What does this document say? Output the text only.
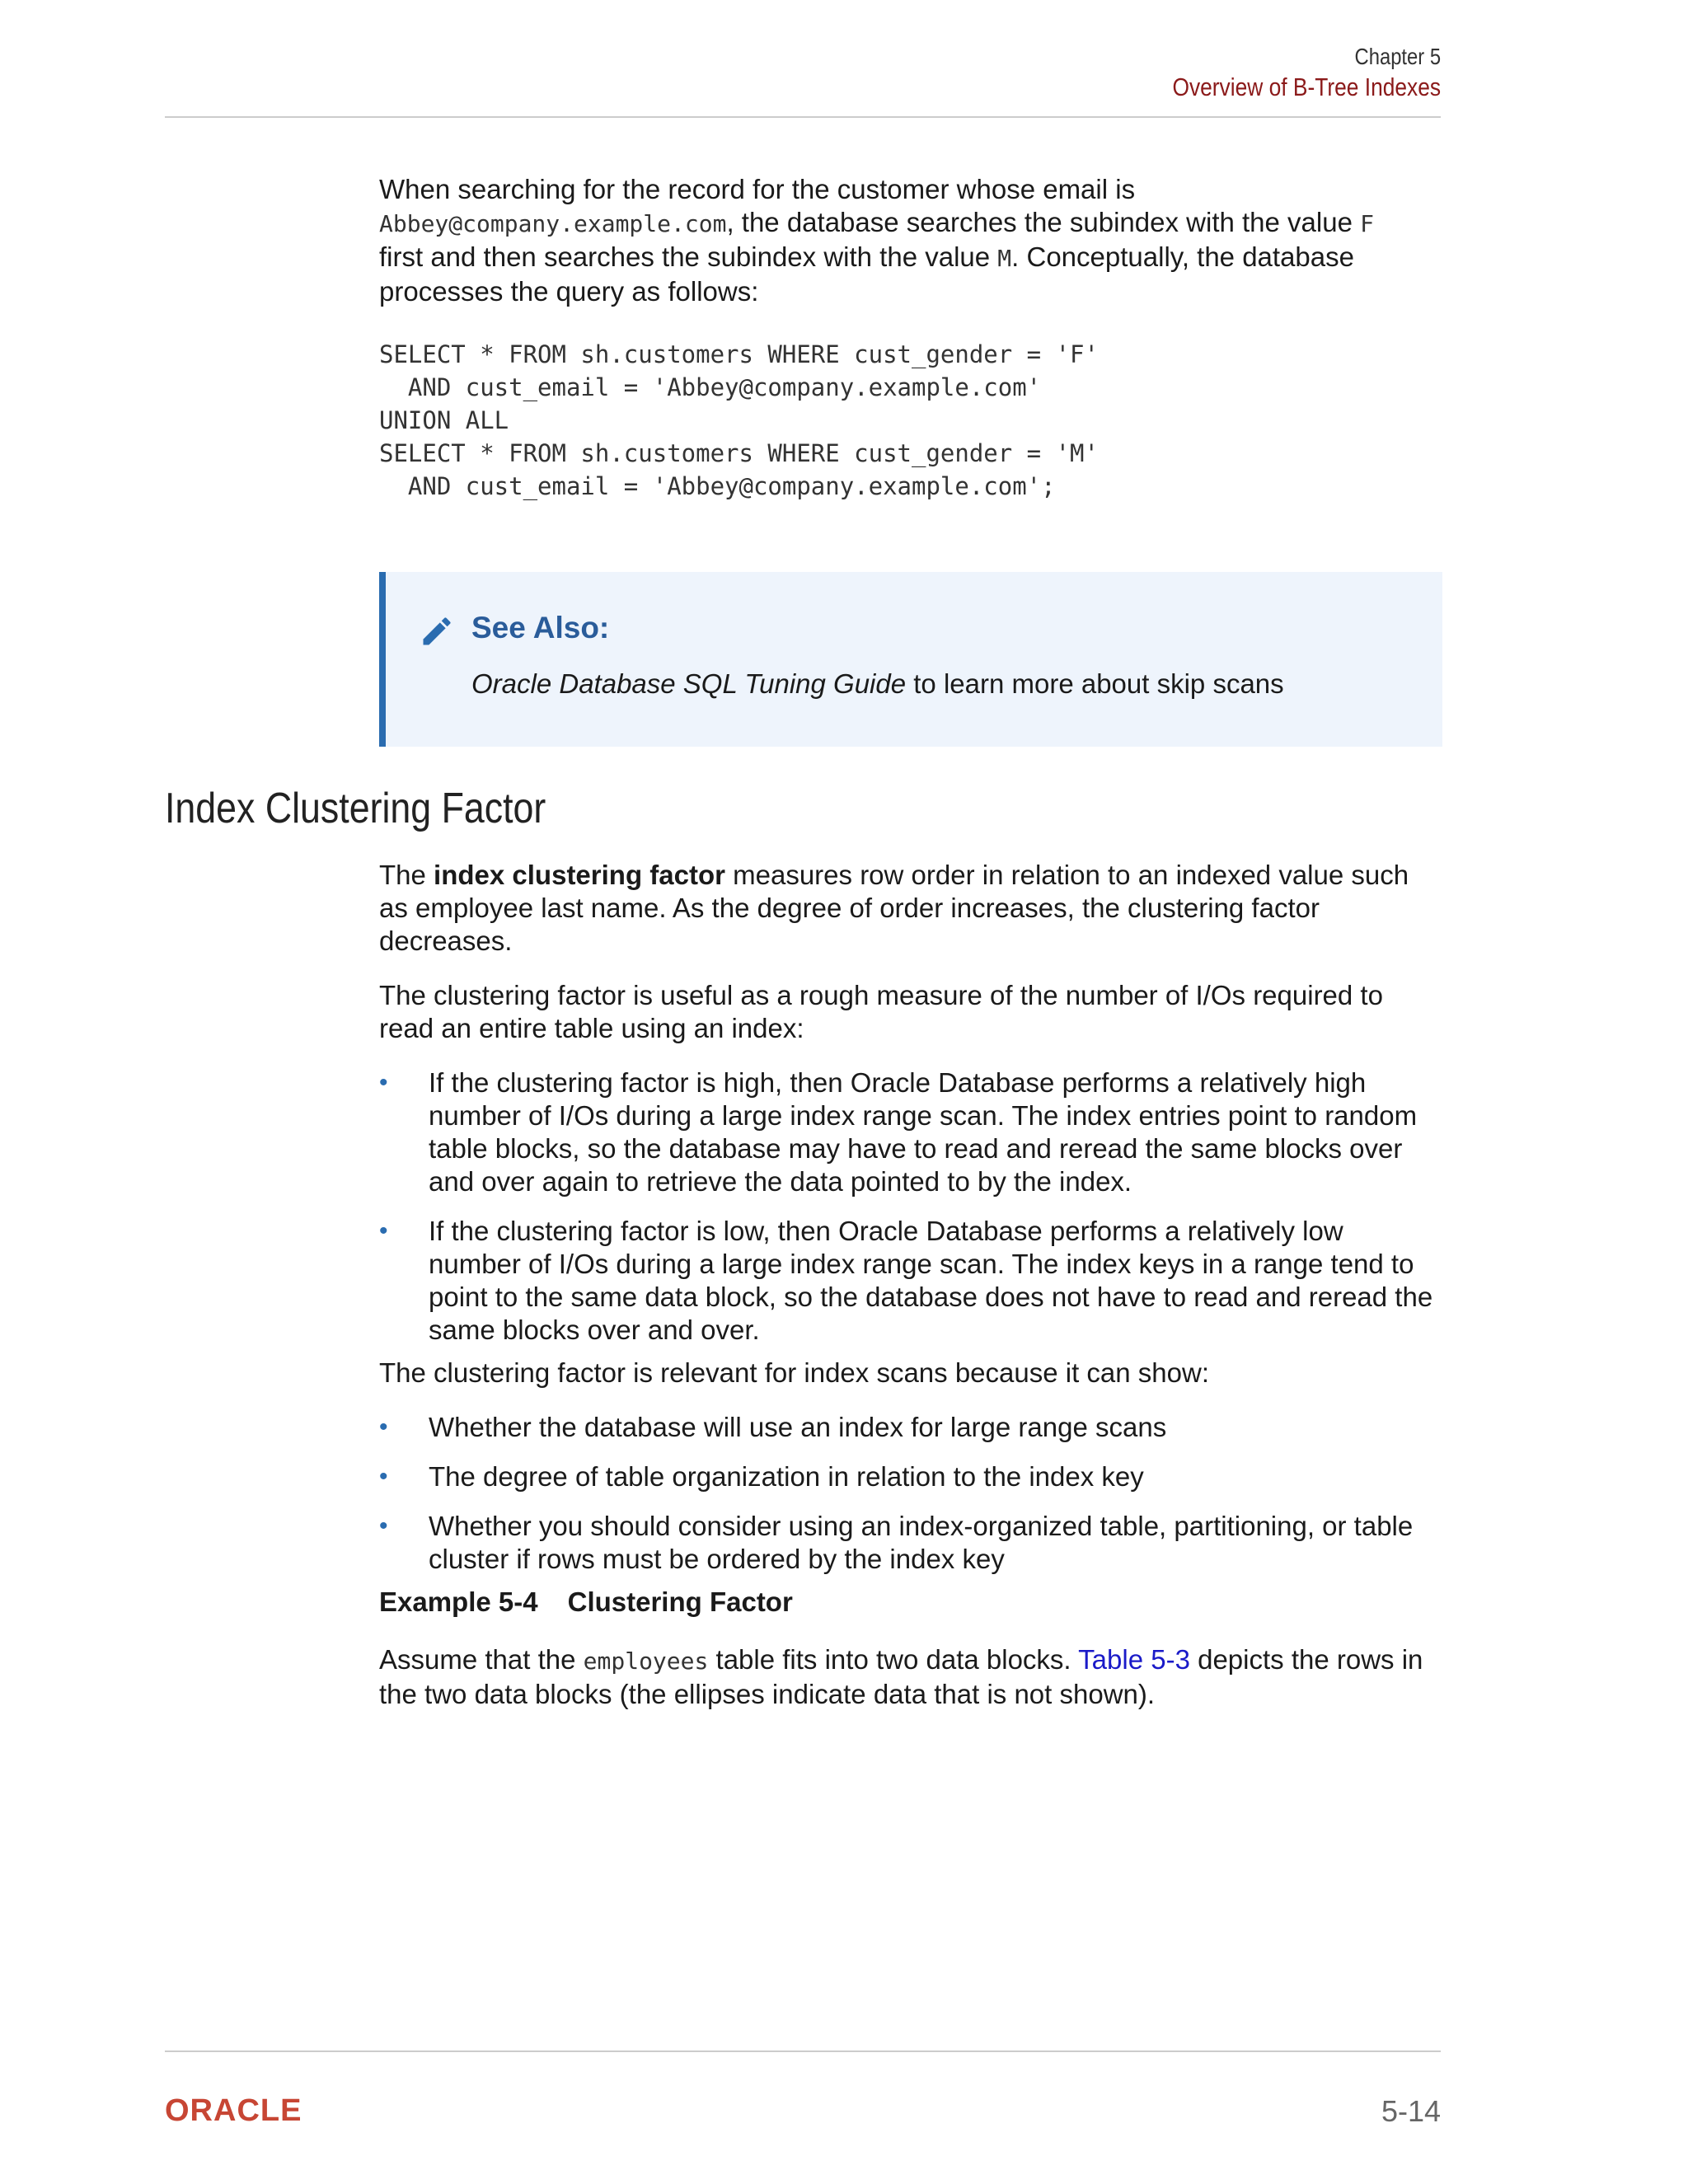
Chapter 5
Overview of B-Tree Indexes

When searching for the record for the customer whose email is
Abbey@company.example.com, the database searches the subindex with the value F
first and then searches the subindex with the value M. Conceptually, the database processes the query as follows:

SELECT * FROM sh.customers WHERE cust_gender = 'F'
AND cust_email = 'Abbey@company.example.com'
UNION ALL
SELECT * FROM sh.customers WHERE cust_gender = 'M'
AND cust_email = 'Abbey@company.example.com';
See Also:
Oracle Database SQL Tuning Guide to learn more about skip scans
Index Clustering Factor

The index clustering factor measures row order in relation to an indexed value such as employee last name. As the degree of order increases, the clustering factor decreases.

The clustering factor is useful as a rough measure of the number of I/Os required to read an entire table using an index:

• If the clustering factor is high, then Oracle Database performs a relatively high number of I/Os during a large index range scan. The index entries point to random table blocks, so the database may have to read and reread the same blocks over and over again to retrieve the data pointed to by the index.
• If the clustering factor is low, then Oracle Database performs a relatively low number of I/Os during a large index range scan. The index keys in a range tend to point to the same data block, so the database does not have to read and reread the same blocks over and over.

The clustering factor is relevant for index scans because it can show:

• Whether the database will use an index for large range scans
• The degree of table organization in relation to the index key
• Whether you should consider using an index-organized table, partitioning, or table cluster if rows must be ordered by the index key

Example 5-4 Clustering Factor

Assume that the employees table fits into two data blocks. Table 5-3 depicts the rows in the two data blocks (the ellipses indicate data that is not shown).

ORACLE	5-14
